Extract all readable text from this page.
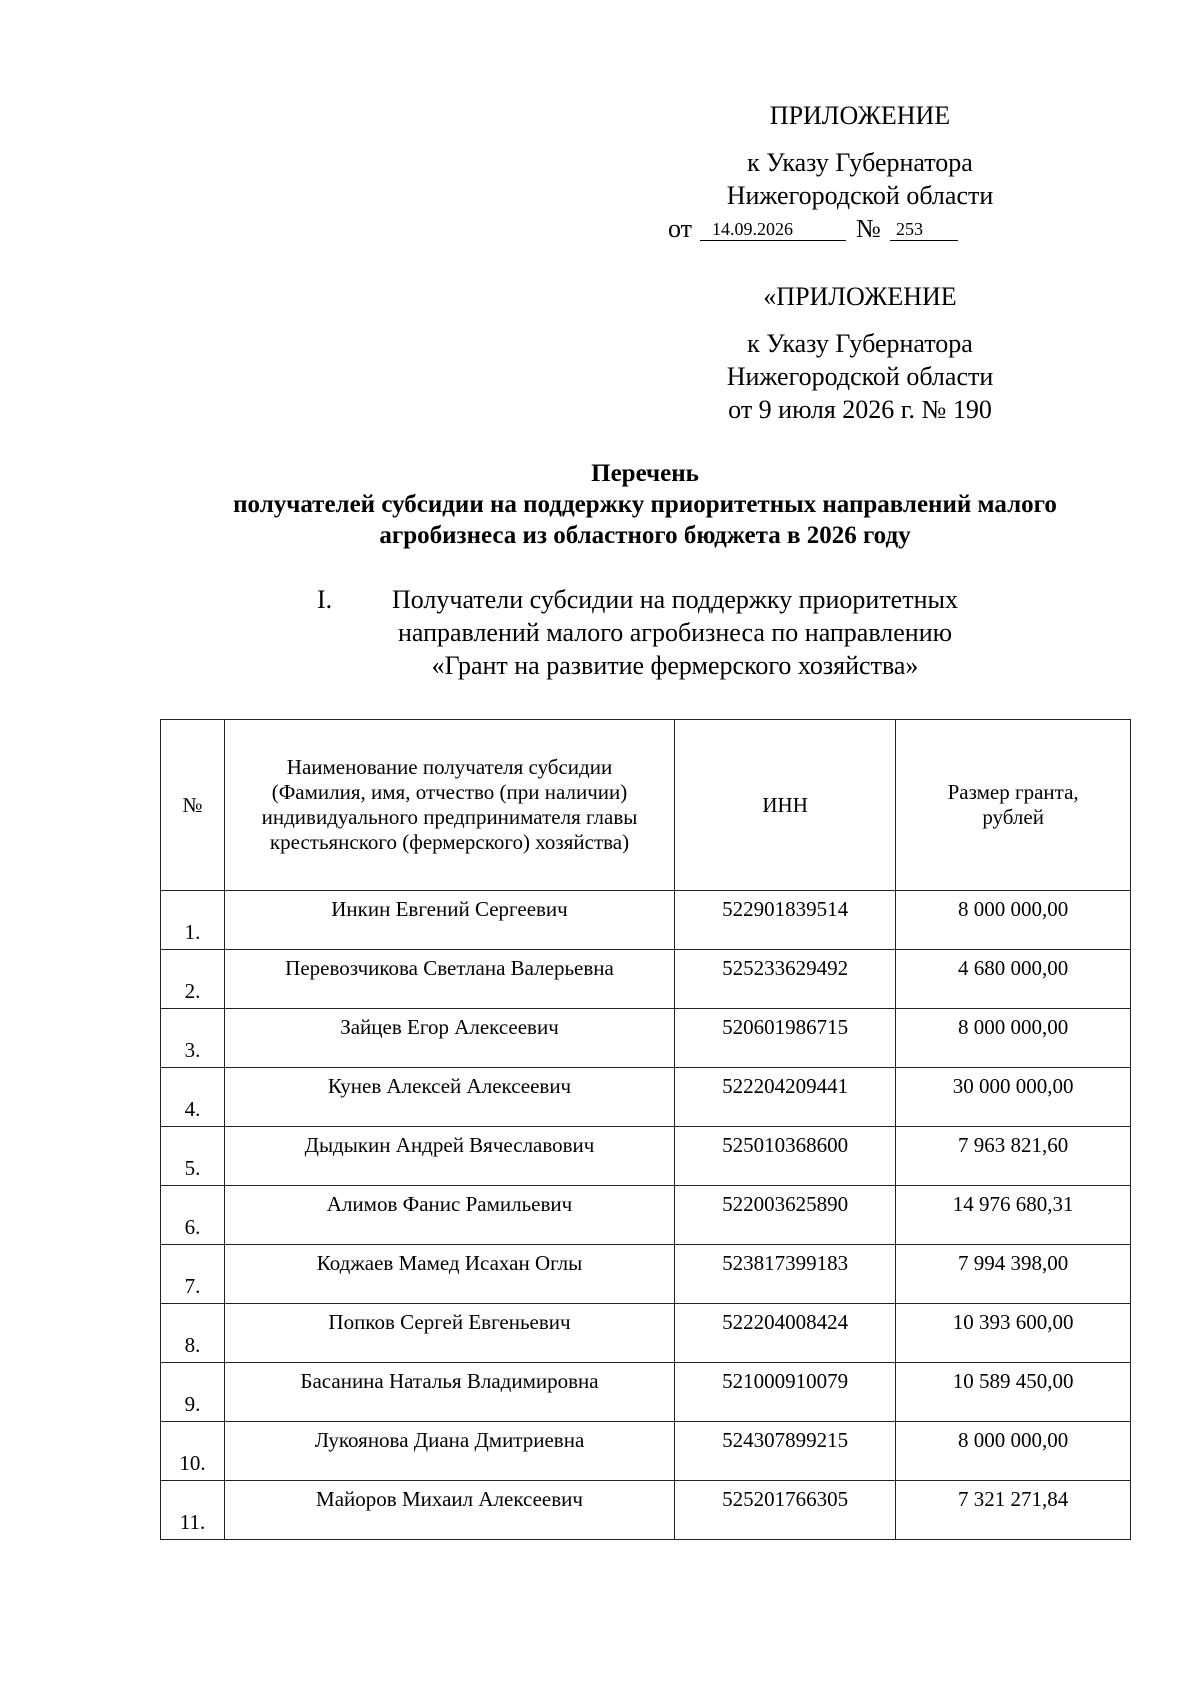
ПРИЛОЖЕНИЕ
к Указу Губернатора
Нижегородской области
от	14.09.2026	№ 253
«ПРИЛОЖЕНИЕ
к Указу Губернатора
Нижегородской области
от 9 июля 2026 г. № 190
Перечень
получателей субсидии на поддержку приоритетных направлений малого
агробизнеса из областного бюджета в 2026 году
I.	Получатели субсидии на поддержку приоритетных
направлений малого агробизнеса по направлению
«Грант на развитие фермерского хозяйства»
№	Наименование получателя субсидии (Фамилия, имя, отчество (при наличии) индивидуального предпринимателя главы крестьянского (фермерского) хозяйства)	ИНН	Размер гранта, рублей
1.	Инкин Евгений Сергеевич	522901839514	8 000 000,00
2.	Перевозчикова Светлана Валерьевна	525233629492	4 680 000,00
3.	Зайцев Егор Алексеевич	520601986715	8 000 000,00
4.	Кунев Алексей Алексеевич	522204209441	30 000 000,00
5.	Дыдыкин Андрей Вячеславович	525010368600	7 963 821,60
6.	Алимов Фанис Рамильевич	522003625890	14 976 680,31
7.	Коджаев Мамед Исахан Оглы	523817399183	7 994 398,00
8.	Попков Сергей Евгеньевич	522204008424	10 393 600,00
9.	Басанина Наталья Владимировна	521000910079	10 589 450,00
10.	Лукоянова Диана Дмитриевна	524307899215	8 000 000,00
11.	Майоров Михаил Алексеевич	525201766305	7 321 271,84
